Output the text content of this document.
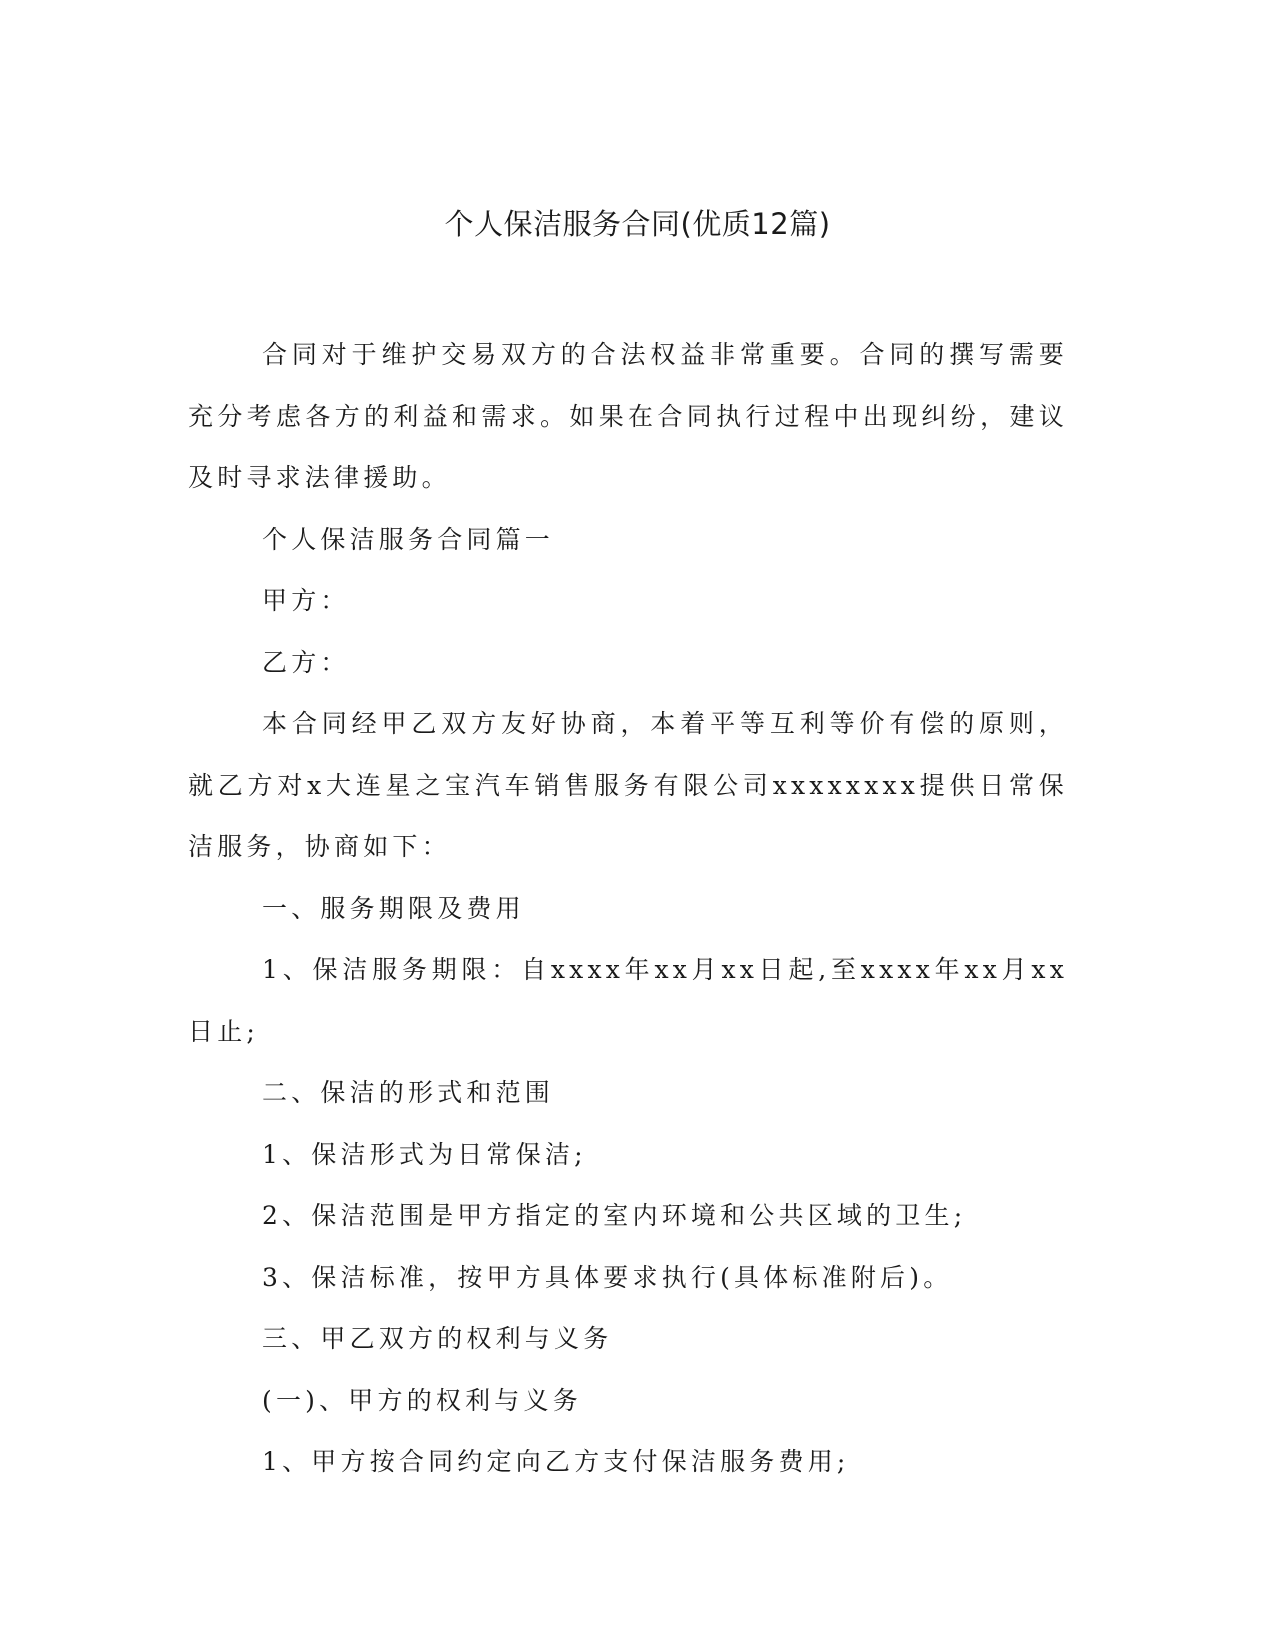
个人保洁服务合同(优质12篇)

合同对于维护交易双方的合法权益非常重要。合同的撰写需要充分考虑各方的利益和需求。如果在合同执行过程中出现纠纷，建议及时寻求法律援助。

个人保洁服务合同篇一

甲方：

乙方：

本合同经甲乙双方友好协商，本着平等互利等价有偿的原则，就乙方对x大连星之宝汽车销售服务有限公司xxxxxxxx提供日常保洁服务，协商如下：

一、服务期限及费用

1、保洁服务期限：自xxxx年xx月xx日起,至xxxx年xx月xx日止;

二、保洁的形式和范围

1、保洁形式为日常保洁;

2、保洁范围是甲方指定的室内环境和公共区域的卫生;

3、保洁标准，按甲方具体要求执行(具体标准附后)。

三、甲乙双方的权利与义务

(一)、甲方的权利与义务

1、甲方按合同约定向乙方支付保洁服务费用;
